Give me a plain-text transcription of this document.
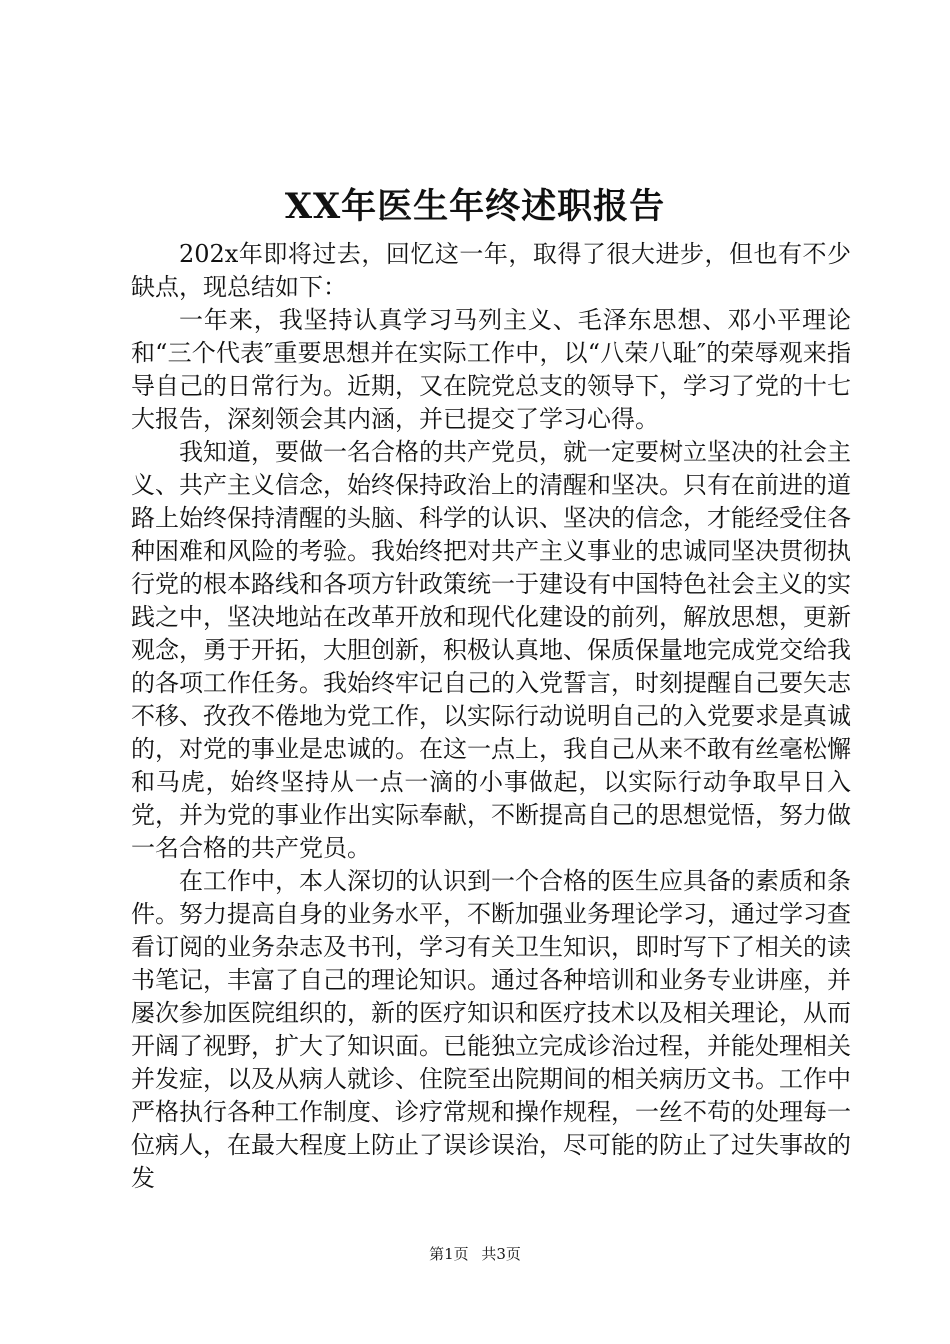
XX年医生年终述职报告

202x年即将过去，回忆这一年，取得了很大进步，但也有不少缺点，现总结如下：

一年来，我坚持认真学习马列主义、毛泽东思想、邓小平理论和“三个代表″重要思想并在实际工作中，以“八荣八耻″的荣辱观来指导自己的日常行为。近期，又在院党总支的领导下，学习了党的十七大报告，深刻领会其内涵，并已提交了学习心得。

我知道，要做一名合格的共产党员，就一定要树立坚决的社会主义、共产主义信念，始终保持政治上的清醒和坚决。只有在前进的道路上始终保持清醒的头脑、科学的认识、坚决的信念，才能经受住各种困难和风险的考验。我始终把对共产主义事业的忠诚同坚决贯彻执行党的根本路线和各项方针政策统一于建设有中国特色社会主义的实践之中，坚决地站在改革开放和现代化建设的前列，解放思想，更新观念，勇于开拓，大胆创新，积极认真地、保质保量地完成党交给我的各项工作任务。我始终牢记自己的入党誓言，时刻提醒自己要矢志不移、孜孜不倦地为党工作，以实际行动说明自己的入党要求是真诚的，对党的事业是忠诚的。在这一点上，我自己从来不敢有丝毫松懈和马虎，始终坚持从一点一滴的小事做起，以实际行动争取早日入党，并为党的事业作出实际奉献，不断提高自己的思想觉悟，努力做一名合格的共产党员。

在工作中，本人深切的认识到一个合格的医生应具备的素质和条件。努力提高自身的业务水平，不断加强业务理论学习，通过学习查看订阅的业务杂志及书刊，学习有关卫生知识，即时写下了相关的读书笔记，丰富了自己的理论知识。通过各种培训和业务专业讲座，并屡次参加医院组织的，新的医疗知识和医疗技术以及相关理论，从而开阔了视野，扩大了知识面。已能独立完成诊治过程，并能处理相关并发症，以及从病人就诊、住院至出院期间的相关病历文书。工作中严格执行各种工作制度、诊疗常规和操作规程，一丝不苟的处理每一位病人，在最大程度上防止了误诊误治，尽可能的防止了过失事故的发

第1页 共3页
